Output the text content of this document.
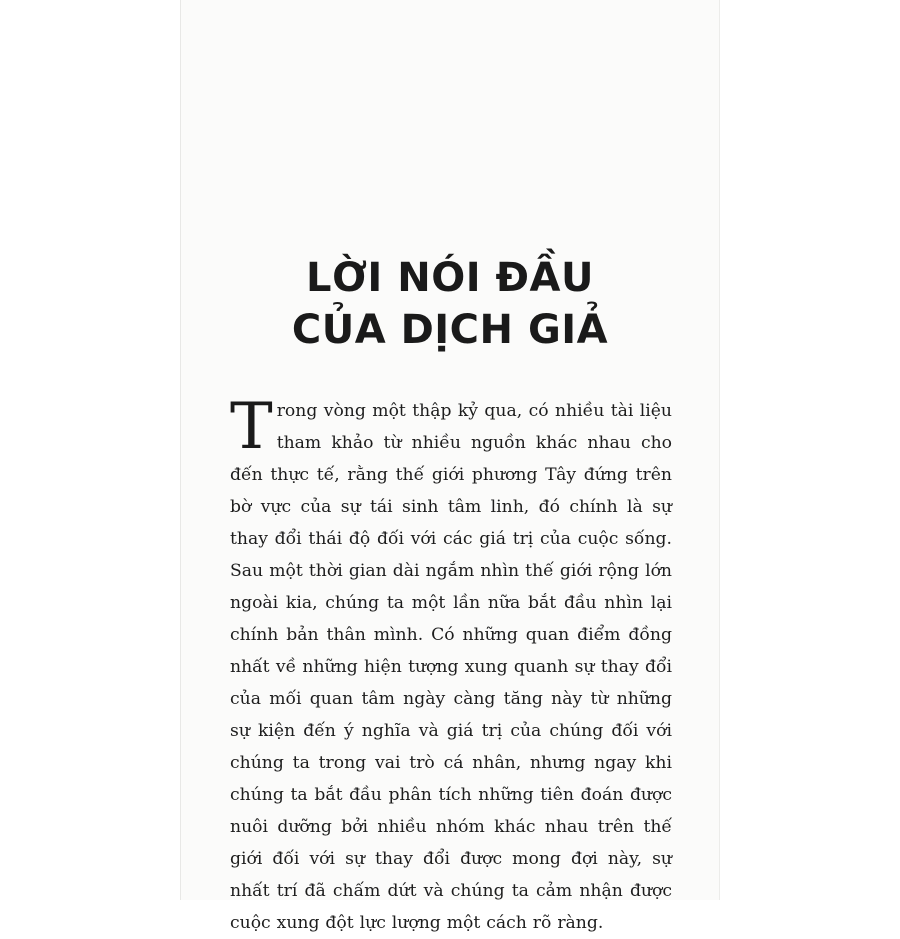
LỜI NÓI ĐẦU
CỦA DỊCH GIẢ

Trong vòng một thập kỷ qua, có nhiều tài liệu tham khảo từ nhiều nguồn khác nhau cho đến thực tế, rằng thế giới phương Tây đứng trên bờ vực của sự tái sinh tâm linh, đó chính là sự thay đổi thái độ đối với các giá trị của cuộc sống. Sau một thời gian dài ngắm nhìn thế giới rộng lớn ngoài kia, chúng ta một lần nữa bắt đầu nhìn lại chính bản thân mình. Có những quan điểm đồng nhất về những hiện tượng xung quanh sự thay đổi của mối quan tâm ngày càng tăng này từ những sự kiện đến ý nghĩa và giá trị của chúng đối với chúng ta trong vai trò cá nhân, nhưng ngay khi chúng ta bắt đầu phân tích những tiên đoán được nuôi dưỡng bởi nhiều nhóm khác nhau trên thế giới đối với sự thay đổi được mong đợi này, sự nhất trí đã chấm dứt và chúng ta cảm nhận được cuộc xung đột lực lượng một cách rõ ràng.
